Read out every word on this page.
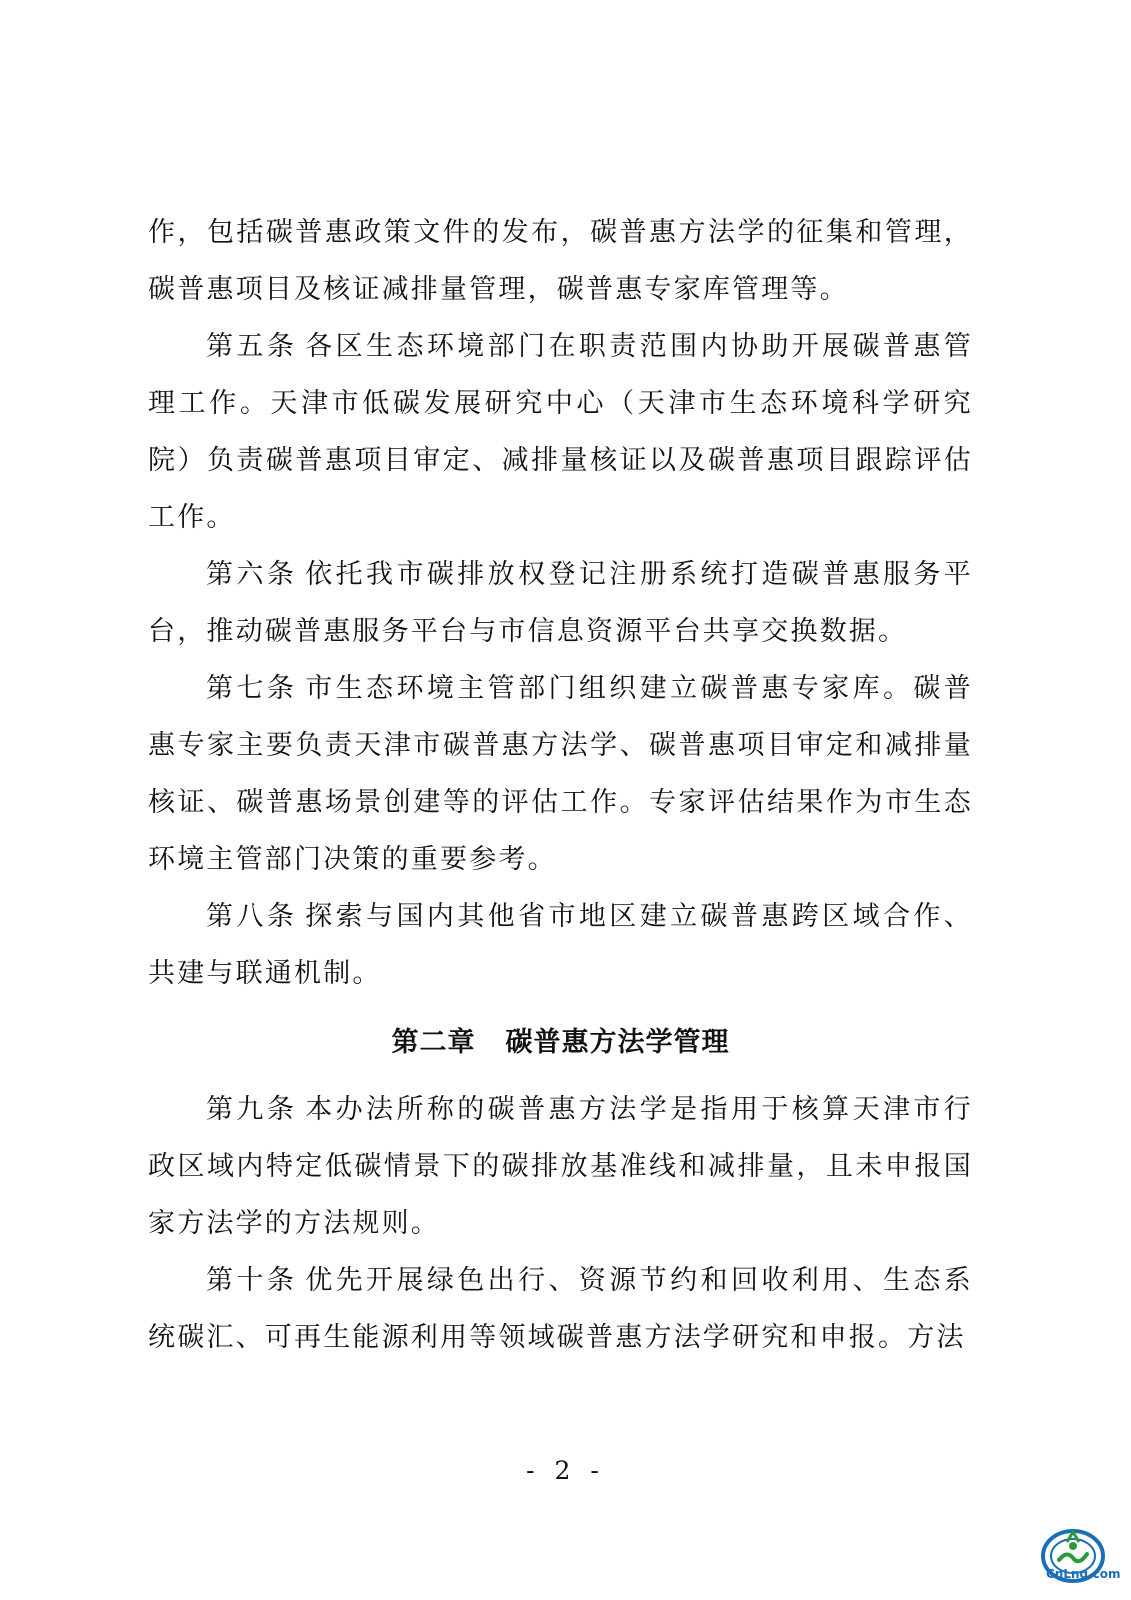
作，包括碳普惠政策文件的发布，碳普惠方法学的征集和管理，碳普惠项目及核证减排量管理，碳普惠专家库管理等。

第五条 各区生态环境部门在职责范围内协助开展碳普惠管理工作。天津市低碳发展研究中心（天津市生态环境科学研究院）负责碳普惠项目审定、减排量核证以及碳普惠项目跟踪评估工作。

第六条 依托我市碳排放权登记注册系统打造碳普惠服务平台，推动碳普惠服务平台与市信息资源平台共享交换数据。

第七条 市生态环境主管部门组织建立碳普惠专家库。碳普惠专家主要负责天津市碳普惠方法学、碳普惠项目审定和减排量核证、碳普惠场景创建等的评估工作。专家评估结果作为市生态环境主管部门决策的重要参考。

第八条 探索与国内其他省市地区建立碳普惠跨区域合作、共建与联通机制。

第二章 碳普惠方法学管理

第九条 本办法所称的碳普惠方法学是指用于核算天津市行政区域内特定低碳情景下的碳排放基准线和减排量，且未申报国家方法学的方法规则。

第十条 优先开展绿色出行、资源节约和回收利用、生态系统碳汇、可再生能源利用等领域碳普惠方法学研究和申报。方法

- 2 -
CnLng.com
